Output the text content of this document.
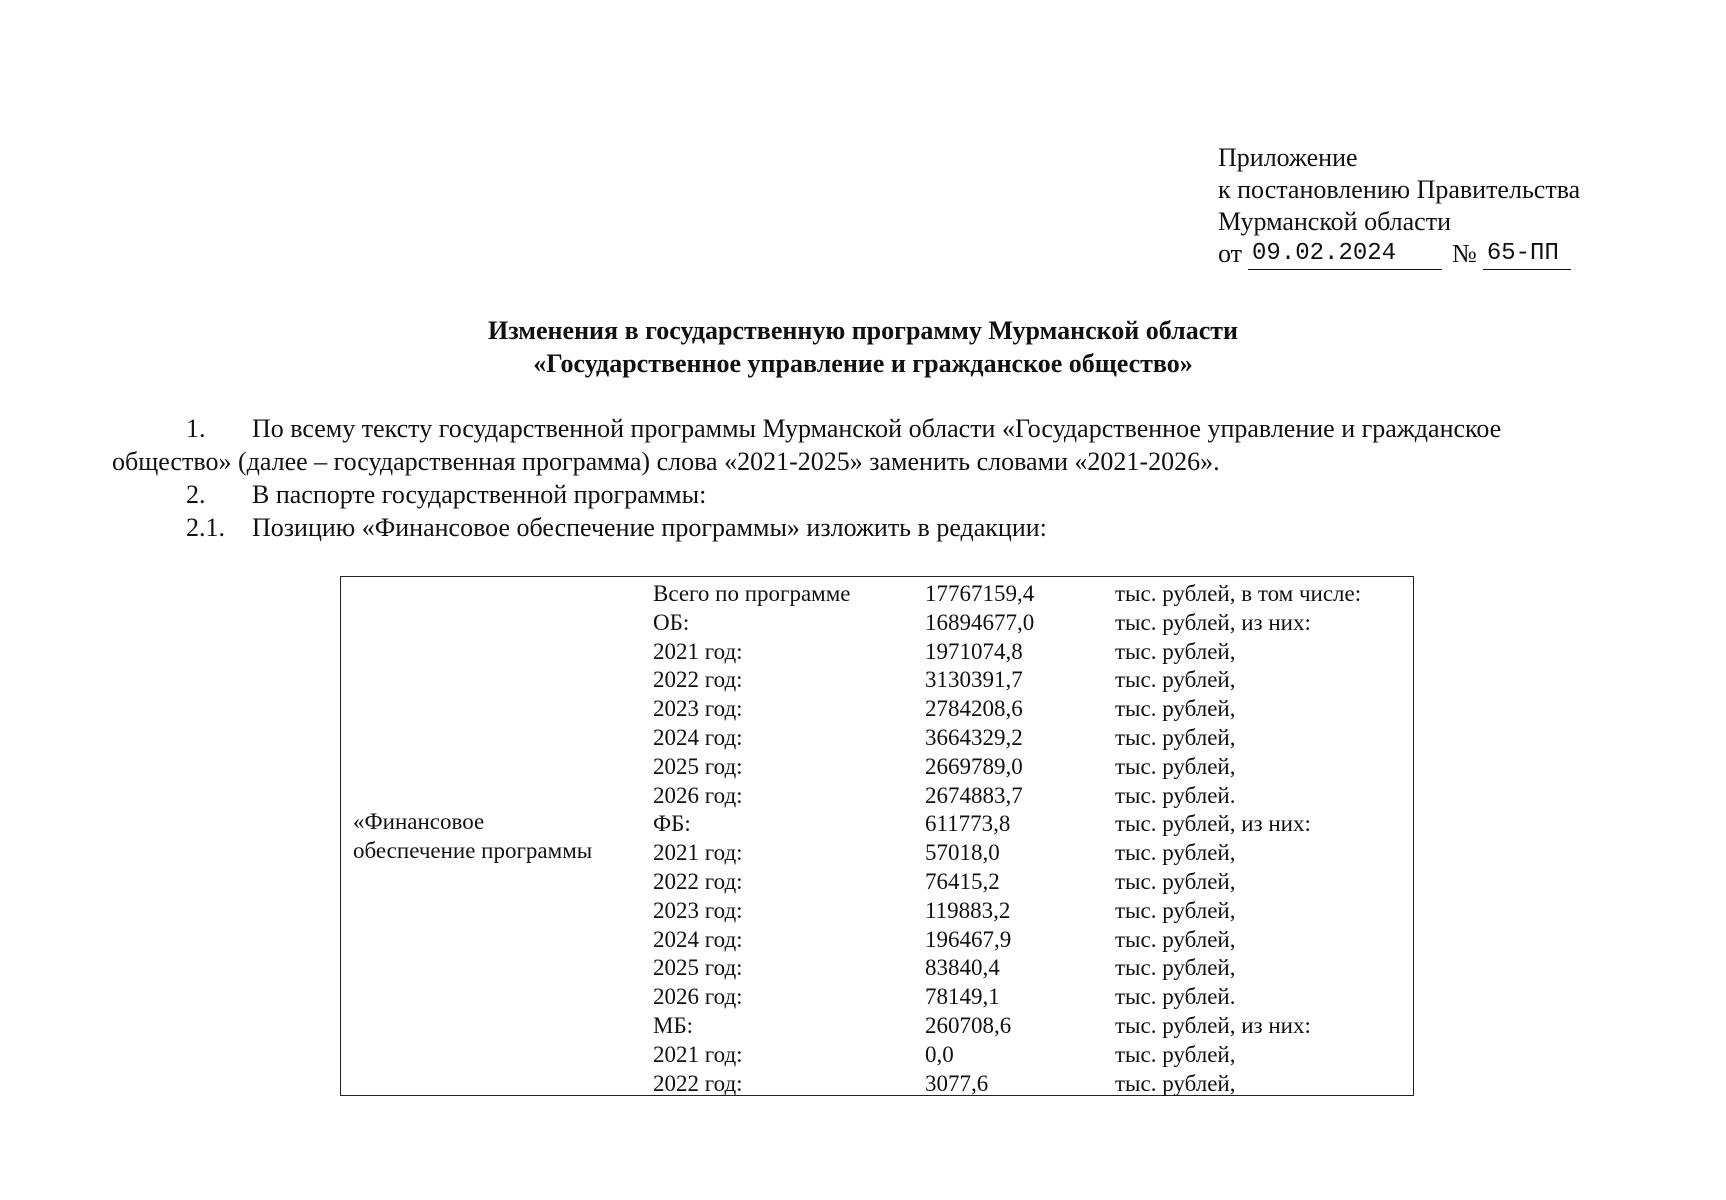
Приложение
к постановлению Правительства
Мурманской области
от 09.02.2024	№ 65-ПП
Изменения в государственную программу Мурманской области
«Государственное управление и гражданское общество»
1. По всему тексту государственной программы Мурманской области «Государственное управление и гражданское
общество» (далее – государственная программа) слова «2021-2025» заменить словами «2021-2026».
2. В паспорте государственной программы:
2.1. Позицию «Финансовое обеспечение программы» изложить в редакции:
«Финансовое
обеспечение программы
Всего по программе	17767159,4	тыс. рублей, в том числе:
ОБ:	16894677,0	тыс. рублей, из них:
2021 год:	1971074,8	тыс. рублей,
2022 год:	3130391,7	тыс. рублей,
2023 год:	2784208,6	тыс. рублей,
2024 год:	3664329,2	тыс. рублей,
2025 год:	2669789,0	тыс. рублей,
2026 год:	2674883,7	тыс. рублей.
ФБ:	611773,8	тыс. рублей, из них:
2021 год:	57018,0	тыс. рублей,
2022 год:	76415,2	тыс. рублей,
2023 год:	119883,2	тыс. рублей,
2024 год:	196467,9	тыс. рублей,
2025 год:	83840,4	тыс. рублей,
2026 год:	78149,1	тыс. рублей.
МБ:	260708,6	тыс. рублей, из них:
2021 год:	0,0	тыс. рублей,
2022 год:	3077,6	тыс. рублей,
